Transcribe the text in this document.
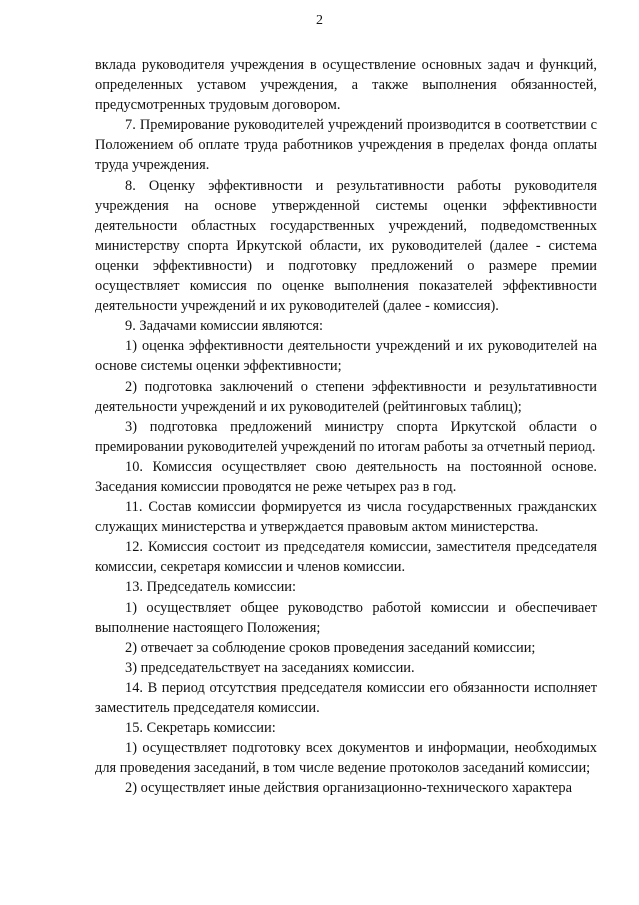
2

вклада руководителя учреждения в осуществление основных задач и функций, определенных уставом учреждения, а также выполнения обязанностей, предусмотренных трудовым договором.

7. Премирование руководителей учреждений производится в соответствии с Положением об оплате труда работников учреждения в пределах фонда оплаты труда учреждения.

8. Оценку эффективности и результативности работы руководителя учреждения на основе утвержденной системы оценки эффективности деятельности областных государственных учреждений, подведомственных министерству спорта Иркутской области, их руководителей (далее - система оценки эффективности) и подготовку предложений о размере премии осуществляет комиссия по оценке выполнения показателей эффективности деятельности учреждений и их руководителей (далее - комиссия).

9. Задачами комиссии являются:

1) оценка эффективности деятельности учреждений и их руководителей на основе системы оценки эффективности;

2) подготовка заключений о степени эффективности и результативности деятельности учреждений и их руководителей (рейтинговых таблиц);

3) подготовка предложений министру спорта Иркутской области о премировании руководителей учреждений по итогам работы за отчетный период.

10. Комиссия осуществляет свою деятельность на постоянной основе. Заседания комиссии проводятся не реже четырех раз в год.

11. Состав комиссии формируется из числа государственных гражданских служащих министерства и утверждается правовым актом министерства.

12. Комиссия состоит из председателя комиссии, заместителя председателя комиссии, секретаря комиссии и членов комиссии.

13. Председатель комиссии:

1) осуществляет общее руководство работой комиссии и обеспечивает выполнение настоящего Положения;

2) отвечает за соблюдение сроков проведения заседаний комиссии;

3) председательствует на заседаниях комиссии.

14. В период отсутствия председателя комиссии его обязанности исполняет заместитель председателя комиссии.

15. Секретарь комиссии:

1) осуществляет подготовку всех документов и информации, необходимых для проведения заседаний, в том числе ведение протоколов заседаний комиссии;

2) осуществляет иные действия организационно-технического характера
